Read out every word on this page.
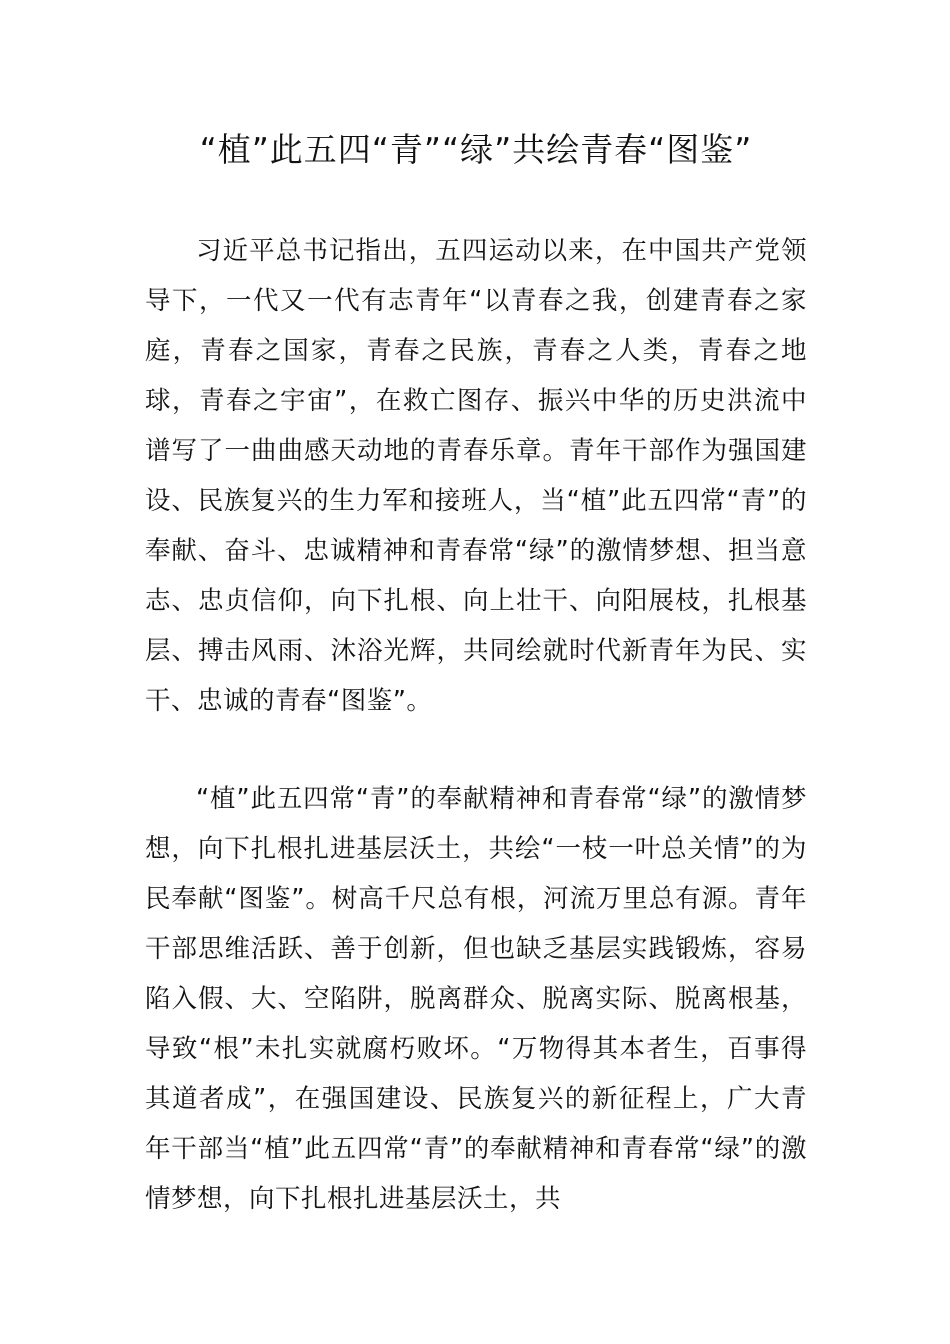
“植”此五四“青”“绿”共绘青春“图鉴”

习近平总书记指出，五四运动以来，在中国共产党领导下，一代又一代有志青年“以青春之我，创建青春之家庭，青春之国家，青春之民族，青春之人类，青春之地球，青春之宇宙”，在救亡图存、振兴中华的历史洪流中谱写了一曲曲感天动地的青春乐章。青年干部作为强国建设、民族复兴的生力军和接班人，当“植”此五四常“青”的奉献、奋斗、忠诚精神和青春常“绿”的激情梦想、担当意志、忠贞信仰，向下扎根、向上壮干、向阳展枝，扎根基层、搏击风雨、沐浴光辉，共同绘就时代新青年为民、实干、忠诚的青春“图鉴”。

“植”此五四常“青”的奉献精神和青春常“绿”的激情梦想，向下扎根扎进基层沃土，共绘“一枝一叶总关情”的为民奉献“图鉴”。树高千尺总有根，河流万里总有源。青年干部思维活跃、善于创新，但也缺乏基层实践锻炼，容易陷入假、大、空陷阱，脱离群众、脱离实际、脱离根基，导致“根”未扎实就腐朽败坏。“万物得其本者生，百事得其道者成”，在强国建设、民族复兴的新征程上，广大青年干部当“植”此五四常“青”的奉献精神和青春常“绿”的激情梦想，向下扎根扎进基层沃土，共
